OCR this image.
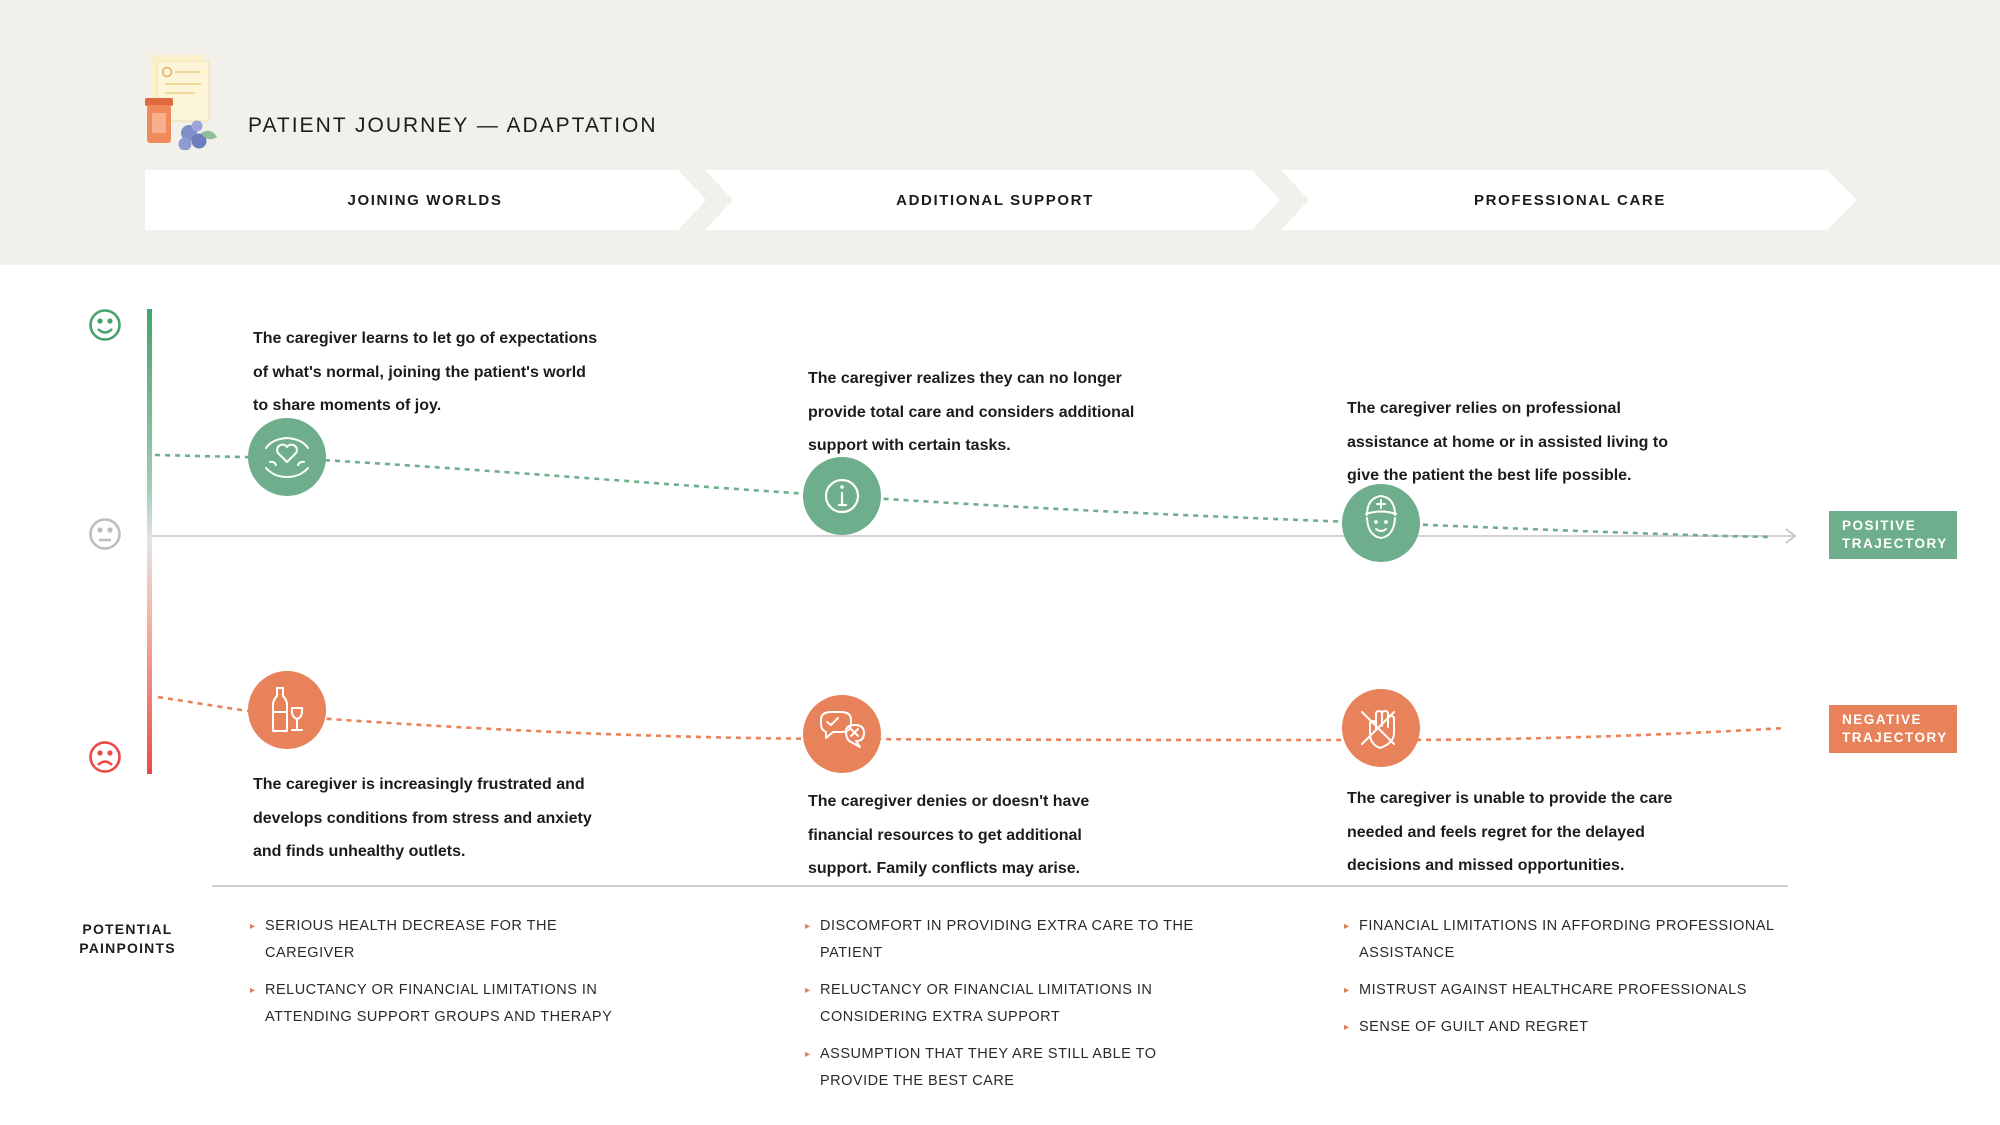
PATIENT JOURNEY — ADAPTATION
JOINING WORLDS	ADDITIONAL SUPPORT	PROFESSIONAL CARE
The caregiver learns to let go of expectations of what's normal, joining the patient's world to share moments of joy.
The caregiver realizes they can no longer provide total care and considers additional support with certain tasks.
The caregiver relies on professional assistance at home or in assisted living to give the patient the best life possible.
The caregiver is increasingly frustrated and develops conditions from stress and anxiety and finds unhealthy outlets.
The caregiver denies or doesn't have financial resources to get additional support. Family conflicts may arise.
The caregiver is unable to provide the care needed and feels regret for the delayed decisions and missed opportunities.
POSITIVE
TRAJECTORY
NEGATIVE
TRAJECTORY
POTENTIAL
PAINPOINTS
▸ SERIOUS HEALTH DECREASE FOR THE CAREGIVER
▸ RELUCTANCY OR FINANCIAL LIMITATIONS IN ATTENDING SUPPORT GROUPS AND THERAPY
▸ DISCOMFORT IN PROVIDING EXTRA CARE TO THE PATIENT
▸ RELUCTANCY OR FINANCIAL LIMITATIONS IN CONSIDERING EXTRA SUPPORT
▸ ASSUMPTION THAT THEY ARE STILL ABLE TO PROVIDE THE BEST CARE
▸ FINANCIAL LIMITATIONS IN AFFORDING PROFESSIONAL ASSISTANCE
▸ MISTRUST AGAINST HEALTHCARE PROFESSIONALS
▸ SENSE OF GUILT AND REGRET
